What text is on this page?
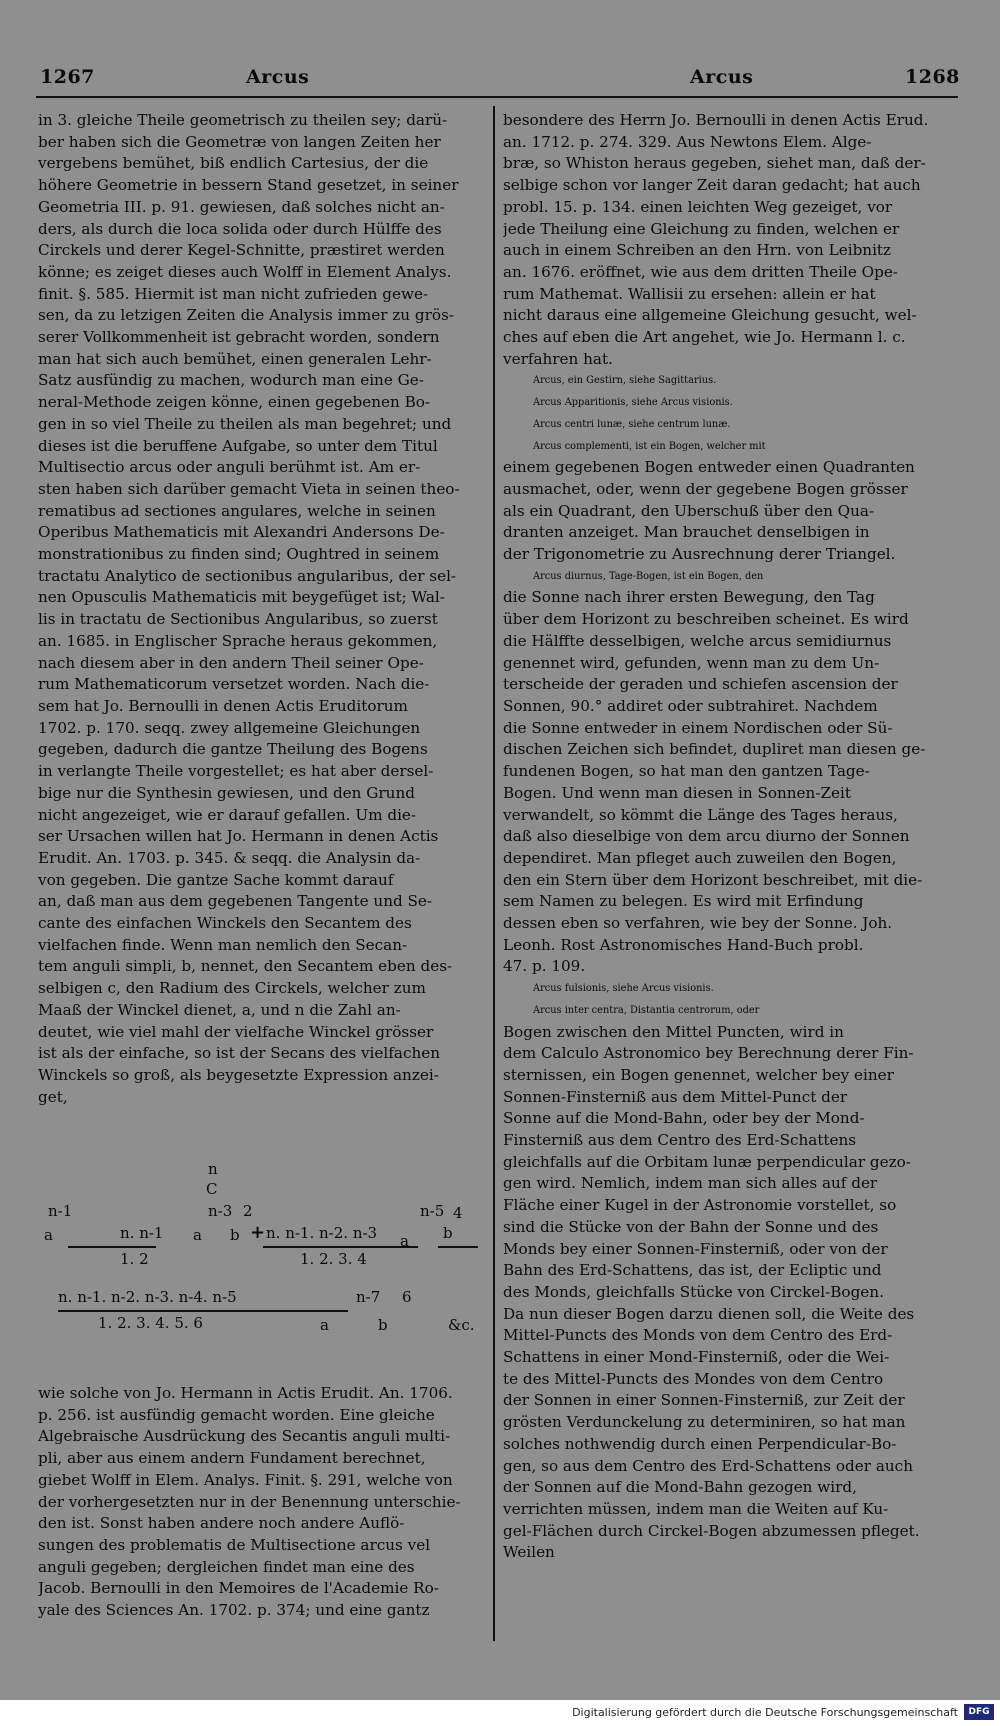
1267	Arcus	Arcus	1268
in 3. gleiche Theile geometrisch zu theilen sey; darü-
ber haben sich die Geometræ von langen Zeiten her
vergebens bemühet, biß endlich Cartesius, der die
höhere Geometrie in bessern Stand gesetzet, in seiner
Geometria III. p. 91. gewiesen, daß solches nicht an-
ders, als durch die loca solida oder durch Hülffe des
Circkels und derer Kegel-Schnitte, præstiret werden
könne; es zeiget dieses auch Wolff in Element Analys.
finit. §. 585. Hiermit ist man nicht zufrieden gewe-
sen, da zu letzigen Zeiten die Analysis immer zu grös-
serer Vollkommenheit ist gebracht worden, sondern
man hat sich auch bemühet, einen generalen Lehr-
Satz ausfündig zu machen, wodurch man eine Ge-
neral-Methode zeigen könne, einen gegebenen Bo-
gen in so viel Theile zu theilen als man begehret; und
dieses ist die beruffene Aufgabe, so unter dem Titul
Multisectio arcus oder anguli berühmt ist. Am er-
sten haben sich darüber gemacht Vieta in seinen theo-
rematibus ad sectiones angulares, welche in seinen
Operibus Mathematicis mit Alexandri Andersons De-
monstrationibus zu finden sind; Oughtred in seinem
tractatu Analytico de sectionibus angularibus, der sel-
nen Opusculis Mathematicis mit beygefüget ist; Wal-
lis in tractatu de Sectionibus Angularibus, so zuerst
an. 1685. in Englischer Sprache heraus gekommen,
nach diesem aber in den andern Theil seiner Ope-
rum Mathematicorum versetzet worden. Nach die-
sem hat Jo. Bernoulli in denen Actis Eruditorum
1702. p. 170. seqq. zwey allgemeine Gleichungen
gegeben, dadurch die gantze Theilung des Bogens
in verlangte Theile vorgestellet; es hat aber dersel-
bige nur die Synthesin gewiesen, und den Grund
nicht angezeiget, wie er darauf gefallen. Um die-
ser Ursachen willen hat Jo. Hermann in denen Actis
Erudit. An. 1703. p. 345. & seqq. die Analysin da-
von gegeben. Die gantze Sache kommt darauf
an, daß man aus dem gegebenen Tangente und Se-
cante des einfachen Winckels den Secantem des
vielfachen finde. Wenn man nemlich den Secan-
tem anguli simpli, b, nennet, den Secantem eben des-
selbigen c, den Radium des Circkels, welcher zum
Maaß der Winckel dienet, a, und n die Zahl an-
deutet, wie viel mahl der vielfache Winckel grösser
ist als der einfache, so ist der Secans des vielfachen
Winckels so groß, als beygesetzte Expression anzei-
get,
n
C
n-1	n-3 2	n-5 4
a	n. n-1
1. 2
a b + n. n-1. n-2. n-3
1. 2. 3. 4
a b
n. n-1. n-2. n-3. n-4. n-5	n-7 6
1. 2. 3. 4. 5. 6	a	b	&c.
wie solche von Jo. Hermann in Actis Erudit. An. 1706.
p. 256. ist ausfündig gemacht worden. Eine gleiche
Algebraische Ausdrückung des Secantis anguli multi-
pli, aber aus einem andern Fundament berechnet,
giebet Wolff in Elem. Analys. Finit. §. 291, welche von
der vorhergesetzten nur in der Benennung unterschie-
den ist. Sonst haben andere noch andere Auflö-
sungen des problematis de Multisectione arcus vel
anguli gegeben; dergleichen findet man eine des
Jacob. Bernoulli in den Memoires de l'Academie Ro-
yale des Sciences An. 1702. p. 374; und eine gantz
besondere des Herrn Jo. Bernoulli in denen Actis Erud.
an. 1712. p. 274. 329. Aus Newtons Elem. Alge-
bræ, so Whiston heraus gegeben, siehet man, daß der-
selbige schon vor langer Zeit daran gedacht; hat auch
probl. 15. p. 134. einen leichten Weg gezeiget, vor
jede Theilung eine Gleichung zu finden, welchen er
auch in einem Schreiben an den Hrn. von Leibnitz
an. 1676. eröffnet, wie aus dem dritten Theile Ope-
rum Mathemat. Wallisii zu ersehen: allein er hat
nicht daraus eine allgemeine Gleichung gesucht, wel-
ches auf eben die Art angehet, wie Jo. Hermann l. c.
verfahren hat.
Arcus, ein Gestirn, siehe Sagittarius.
Arcus Apparitionis, siehe Arcus visionis.
Arcus centri lunæ, siehe centrum lunæ.
Arcus complementi, ist ein Bogen, welcher mit
einem gegebenen Bogen entweder einen Quadranten
ausmachet, oder, wenn der gegebene Bogen grösser
als ein Quadrant, den Uberschuß über den Qua-
dranten anzeiget. Man brauchet denselbigen in
der Trigonometrie zu Ausrechnung derer Triangel.
Arcus diurnus, Tage-Bogen, ist ein Bogen, den
die Sonne nach ihrer ersten Bewegung, den Tag
über dem Horizont zu beschreiben scheinet. Es wird
die Hälffte desselbigen, welche arcus semidiurnus
genennet wird, gefunden, wenn man zu dem Un-
terscheide der geraden und schiefen ascension der
Sonnen, 90.° addiret oder subtrahiret. Nachdem
die Sonne entweder in einem Nordischen oder Sü-
dischen Zeichen sich befindet, dupliret man diesen ge-
fundenen Bogen, so hat man den gantzen Tage-
Bogen. Und wenn man diesen in Sonnen-Zeit
verwandelt, so kömmt die Länge des Tages heraus,
daß also dieselbige von dem arcu diurno der Sonnen
dependiret. Man pfleget auch zuweilen den Bogen,
den ein Stern über dem Horizont beschreibet, mit die-
sem Namen zu belegen. Es wird mit Erfindung
dessen eben so verfahren, wie bey der Sonne. Joh.
Leonh. Rost Astronomisches Hand-Buch probl.
47. p. 109.
Arcus fulsionis, siehe Arcus visionis.
Arcus inter centra, Distantia centrorum, oder
Bogen zwischen den Mittel Puncten, wird in
dem Calculo Astronomico bey Berechnung derer Fin-
sternissen, ein Bogen genennet, welcher bey einer
Sonnen-Finsterniß aus dem Mittel-Punct der
Sonne auf die Mond-Bahn, oder bey der Mond-
Finsterniß aus dem Centro des Erd-Schattens
gleichfalls auf die Orbitam lunæ perpendicular gezo-
gen wird. Nemlich, indem man sich alles auf der
Fläche einer Kugel in der Astronomie vorstellet, so
sind die Stücke von der Bahn der Sonne und des
Monds bey einer Sonnen-Finsterniß, oder von der
Bahn des Erd-Schattens, das ist, der Ecliptic und
des Monds, gleichfalls Stücke von Circkel-Bogen.
Da nun dieser Bogen darzu dienen soll, die Weite des
Mittel-Puncts des Monds von dem Centro des Erd-
Schattens in einer Mond-Finsterniß, oder die Wei-
te des Mittel-Puncts des Mondes von dem Centro
der Sonnen in einer Sonnen-Finsterniß, zur Zeit der
grösten Verdunckelung zu determiniren, so hat man
solches nothwendig durch einen Perpendicular-Bo-
gen, so aus dem Centro des Erd-Schattens oder auch
der Sonnen auf die Mond-Bahn gezogen wird,
verrichten müssen, indem man die Weiten auf Ku-
gel-Flächen durch Circkel-Bogen abzumessen pfleget.
Weilen
Digitalisierung gefördert durch die Deutsche Forschungsgemeinschaft	DFG
